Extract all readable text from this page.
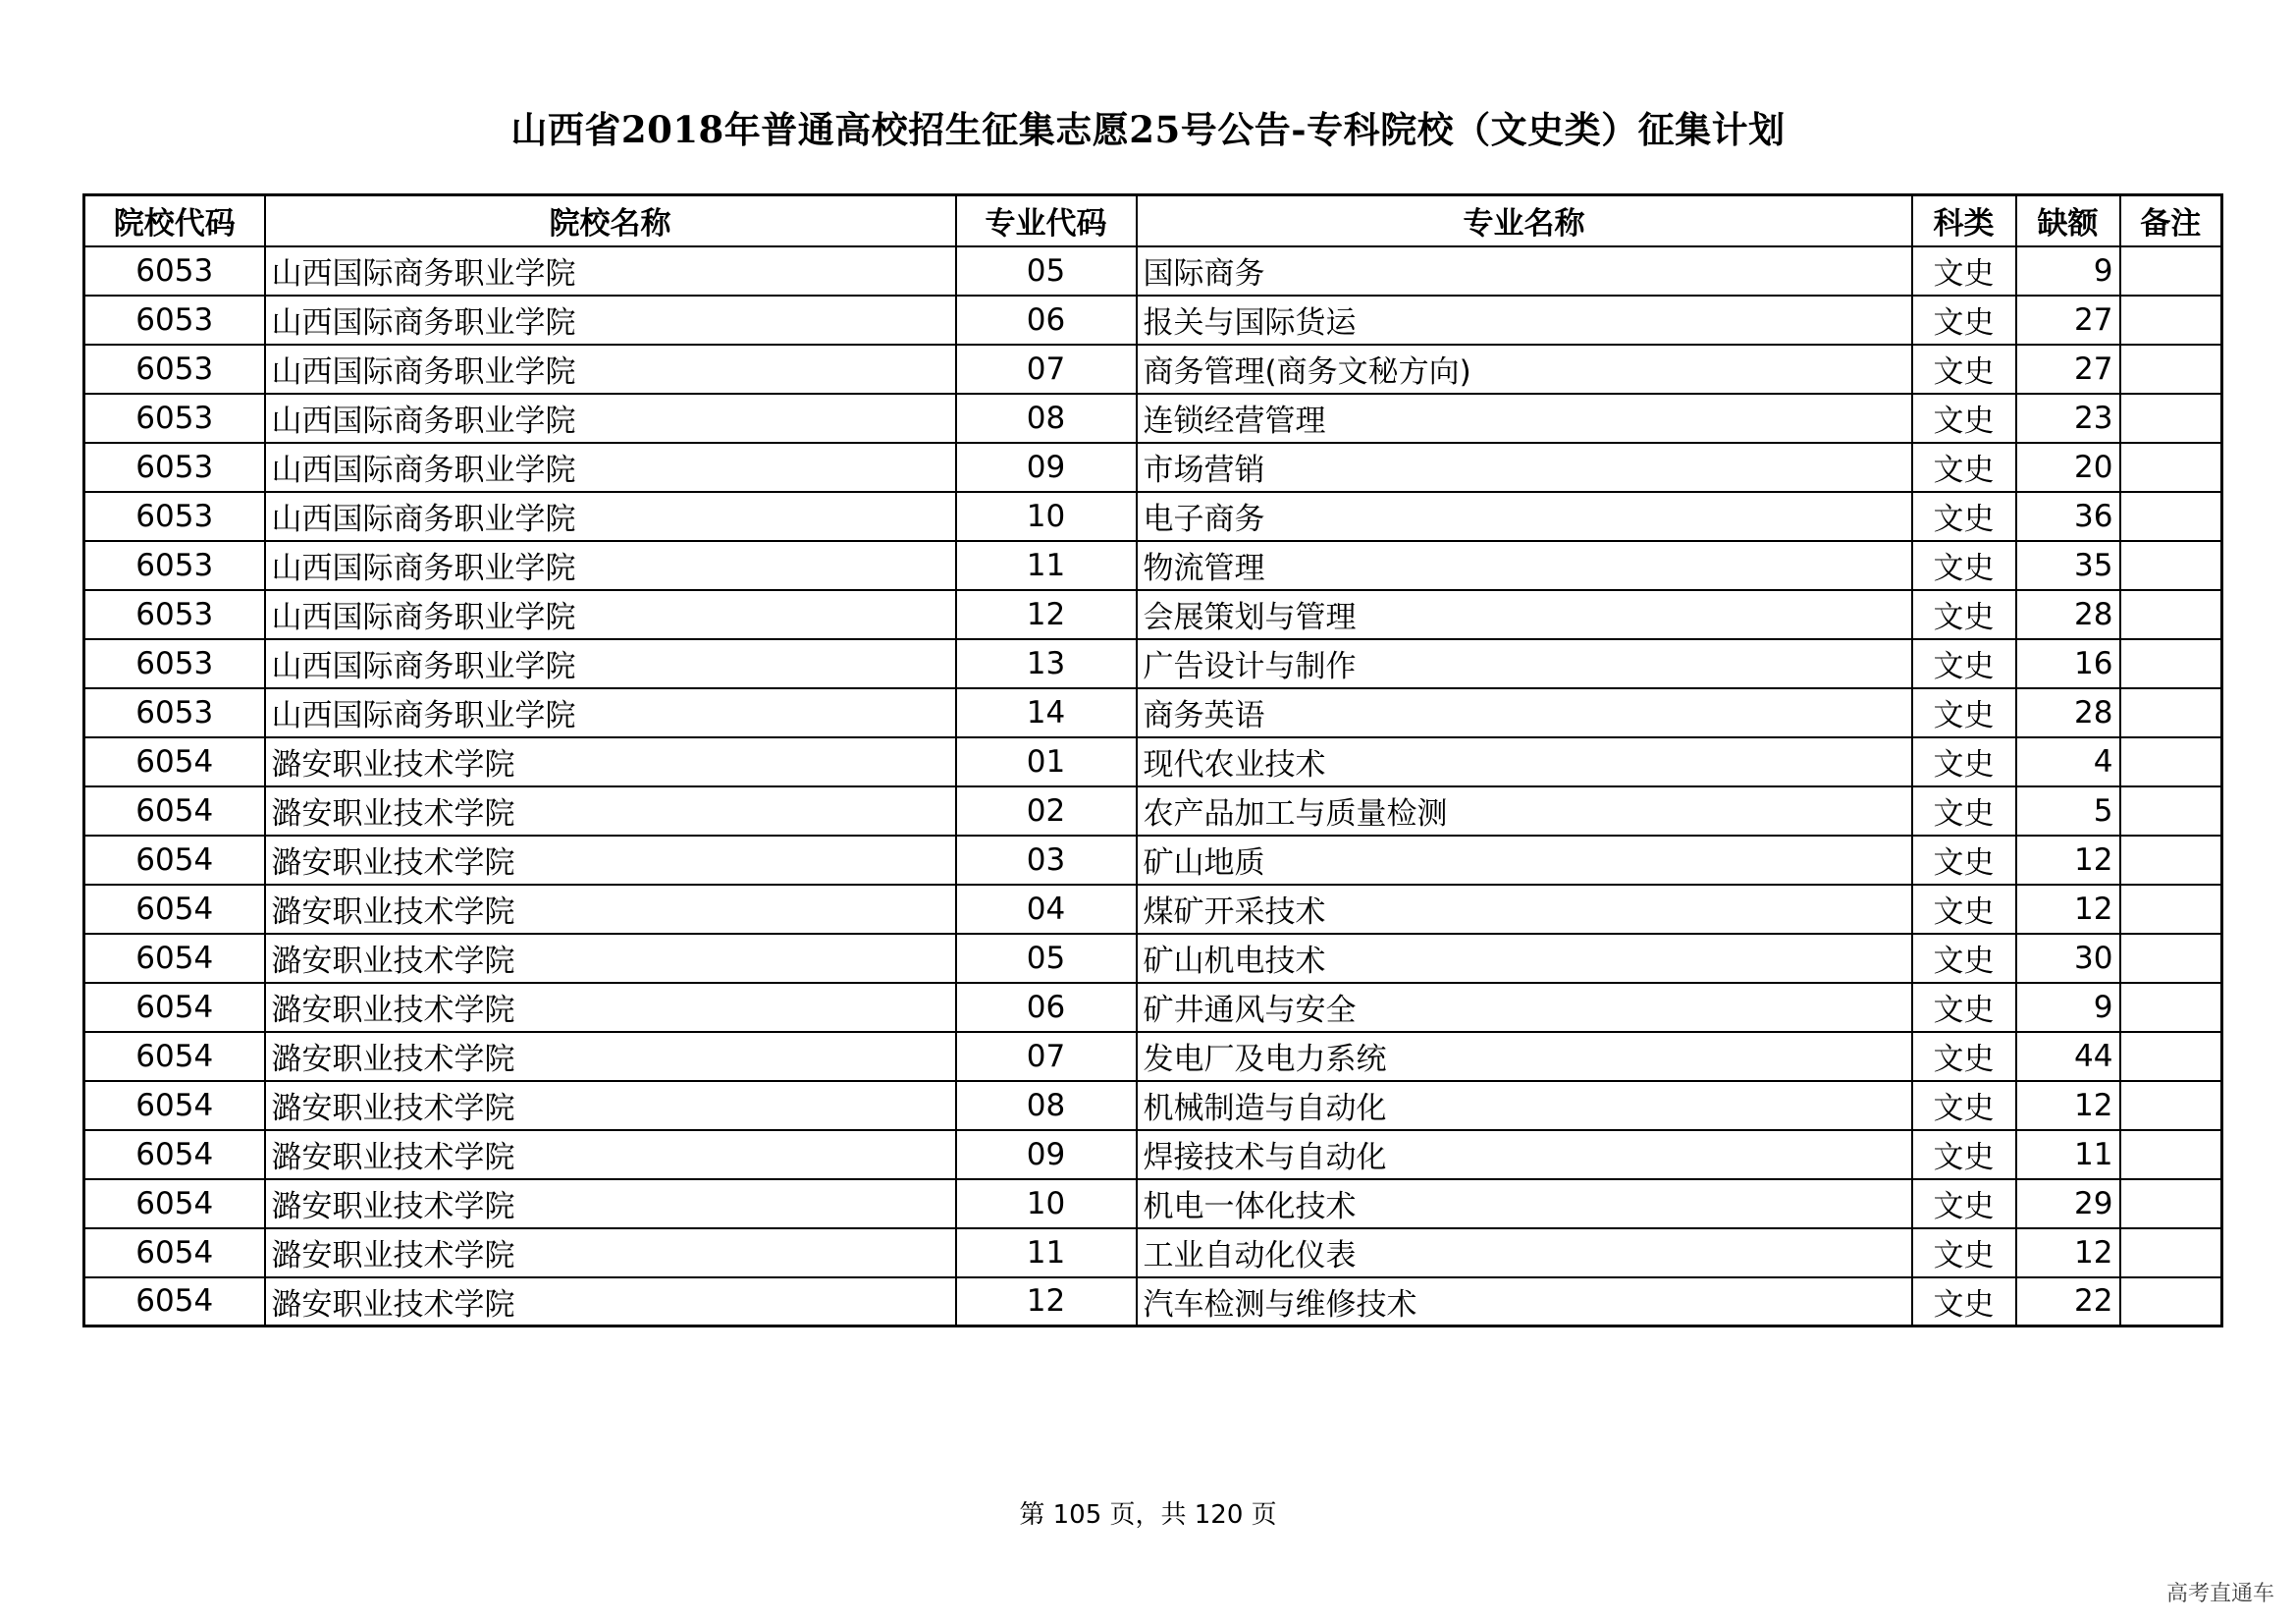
山西省2018年普通高校招生征集志愿25号公告-专科院校（文史类）征集计划
院校代码	院校名称	专业代码	专业名称	科类	缺额	备注
6053	山西国际商务职业学院	05	国际商务	文史	9	
6053	山西国际商务职业学院	06	报关与国际货运	文史	27	
6053	山西国际商务职业学院	07	商务管理(商务文秘方向)	文史	27	
6053	山西国际商务职业学院	08	连锁经营管理	文史	23	
6053	山西国际商务职业学院	09	市场营销	文史	20	
6053	山西国际商务职业学院	10	电子商务	文史	36	
6053	山西国际商务职业学院	11	物流管理	文史	35	
6053	山西国际商务职业学院	12	会展策划与管理	文史	28	
6053	山西国际商务职业学院	13	广告设计与制作	文史	16	
6053	山西国际商务职业学院	14	商务英语	文史	28	
6054	潞安职业技术学院	01	现代农业技术	文史	4	
6054	潞安职业技术学院	02	农产品加工与质量检测	文史	5	
6054	潞安职业技术学院	03	矿山地质	文史	12	
6054	潞安职业技术学院	04	煤矿开采技术	文史	12	
6054	潞安职业技术学院	05	矿山机电技术	文史	30	
6054	潞安职业技术学院	06	矿井通风与安全	文史	9	
6054	潞安职业技术学院	07	发电厂及电力系统	文史	44	
6054	潞安职业技术学院	08	机械制造与自动化	文史	12	
6054	潞安职业技术学院	09	焊接技术与自动化	文史	11	
6054	潞安职业技术学院	10	机电一体化技术	文史	29	
6054	潞安职业技术学院	11	工业自动化仪表	文史	12	
6054	潞安职业技术学院	12	汽车检测与维修技术	文史	22	
第 105 页，共 120 页
高考直通车
